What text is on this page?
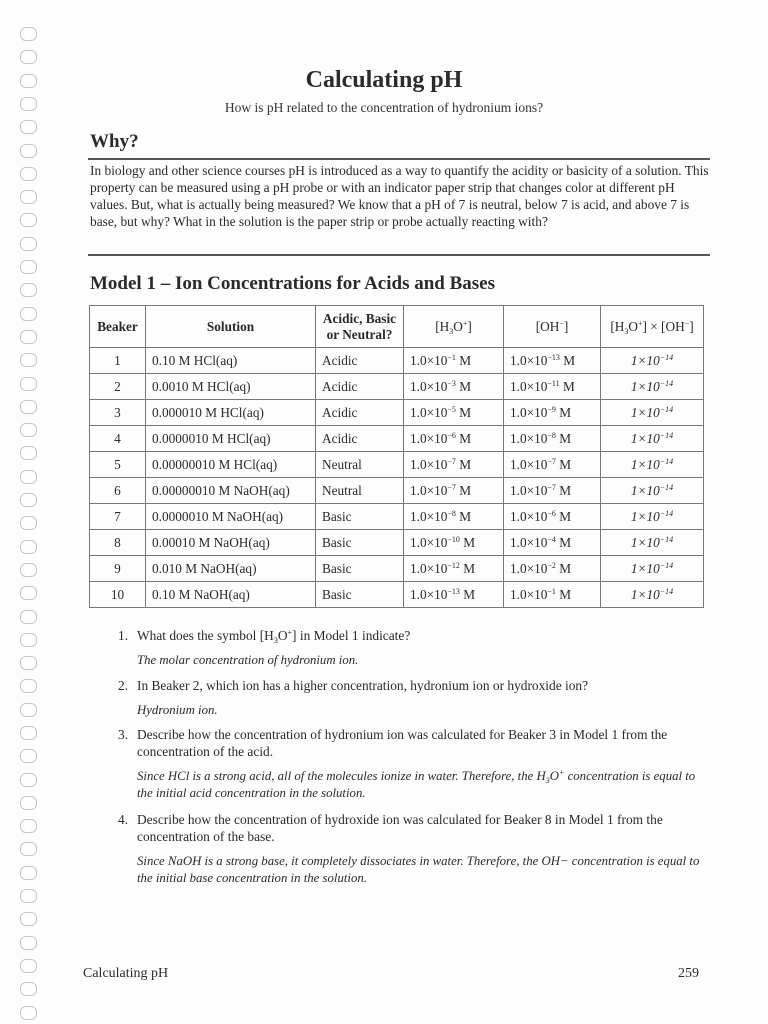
Calculating pH
How is pH related to the concentration of hydronium ions?
Why?
In biology and other science courses pH is introduced as a way to quantify the acidity or basicity of a solution. This property can be measured using a pH probe or with an indicator paper strip that changes color at different pH values. But, what is actually being measured? We know that a pH of 7 is neutral, below 7 is acid, and above 7 is base, but why? What in the solution is the paper strip or probe actually reacting with?
Model 1 – Ion Concentrations for Acids and Bases
Beaker	Solution	Acidic, Basic
or Neutral?	$[H_3O^+]$	[OH−]	$[H_3O^+] \times [OH^-]$
1	0.10 M HCl(aq)	Acidic	$1.0\times 10^{-1}$ M	$1.0\times 10^{-13}$ M	$1\times 10^{-14}$
2	0.0010 M HCl(aq)	Acidic	$1.0\times 10^{-3}$ M	$1.0\times 10^{-11}$ M	$1\times 10^{-14}$
3	0.000010 M HCl(aq)	Acidic	$1.0\times 10^{-5}$ M	$1.0\times 10^{-9}$ M	$1\times 10^{-14}$
4	0.0000010 M HCl(aq)	Acidic	$1.0\times 10^{-6}$ M	$1.0\times 10^{-8}$ M	$1\times 10^{-14}$
5	0.00000010 M HCl(aq)	Neutral	$1.0\times 10^{-7}$ M	$1.0\times 10^{-7}$ M	$1\times 10^{-14}$
6	0.00000010 M NaOH(aq)	Neutral	$1.0\times 10^{-7}$ M	$1.0\times 10^{-7}$ M	$1\times 10^{-14}$
7	0.0000010 M NaOH(aq)	Basic	$1.0\times 10^{-8}$ M	$1.0\times 10^{-6}$ M	$1\times 10^{-14}$
8	0.00010 M NaOH(aq)	Basic	$1.0\times 10^{-10}$ M	$1.0\times 10^{-4}$ M	$1\times 10^{-14}$
9	0.010 M NaOH(aq)	Basic	$1.0\times 10^{-12}$ M	$1.0\times 10^{-2}$ M	$1\times 10^{-14}$
10	0.10 M NaOH(aq)	Basic	$1.0\times 10^{-13}$ M	$1.0\times 10^{-1}$ M	$1\times 10^{-14}$
1. What does the symbol $[H_3O^+]$ in Model 1 indicate?
The molar concentration of hydronium ion.
2. In Beaker 2, which ion has a higher concentration, hydronium ion or hydroxide ion?
Hydronium ion.
3. Describe how the concentration of hydronium ion was calculated for Beaker 3 in Model 1 from the concentration of the acid.
Since HCl is a strong acid, all of the molecules ionize in water. Therefore, the $H_3O^+$ concentration is equal to the initial acid concentration in the solution.
4. Describe how the concentration of hydroxide ion was calculated for Beaker 8 in Model 1 from the concentration of the base.
Since NaOH is a strong base, it completely dissociates in water. Therefore, the OH− concentration is equal to the initial base concentration in the solution.
Calculating pH	259
